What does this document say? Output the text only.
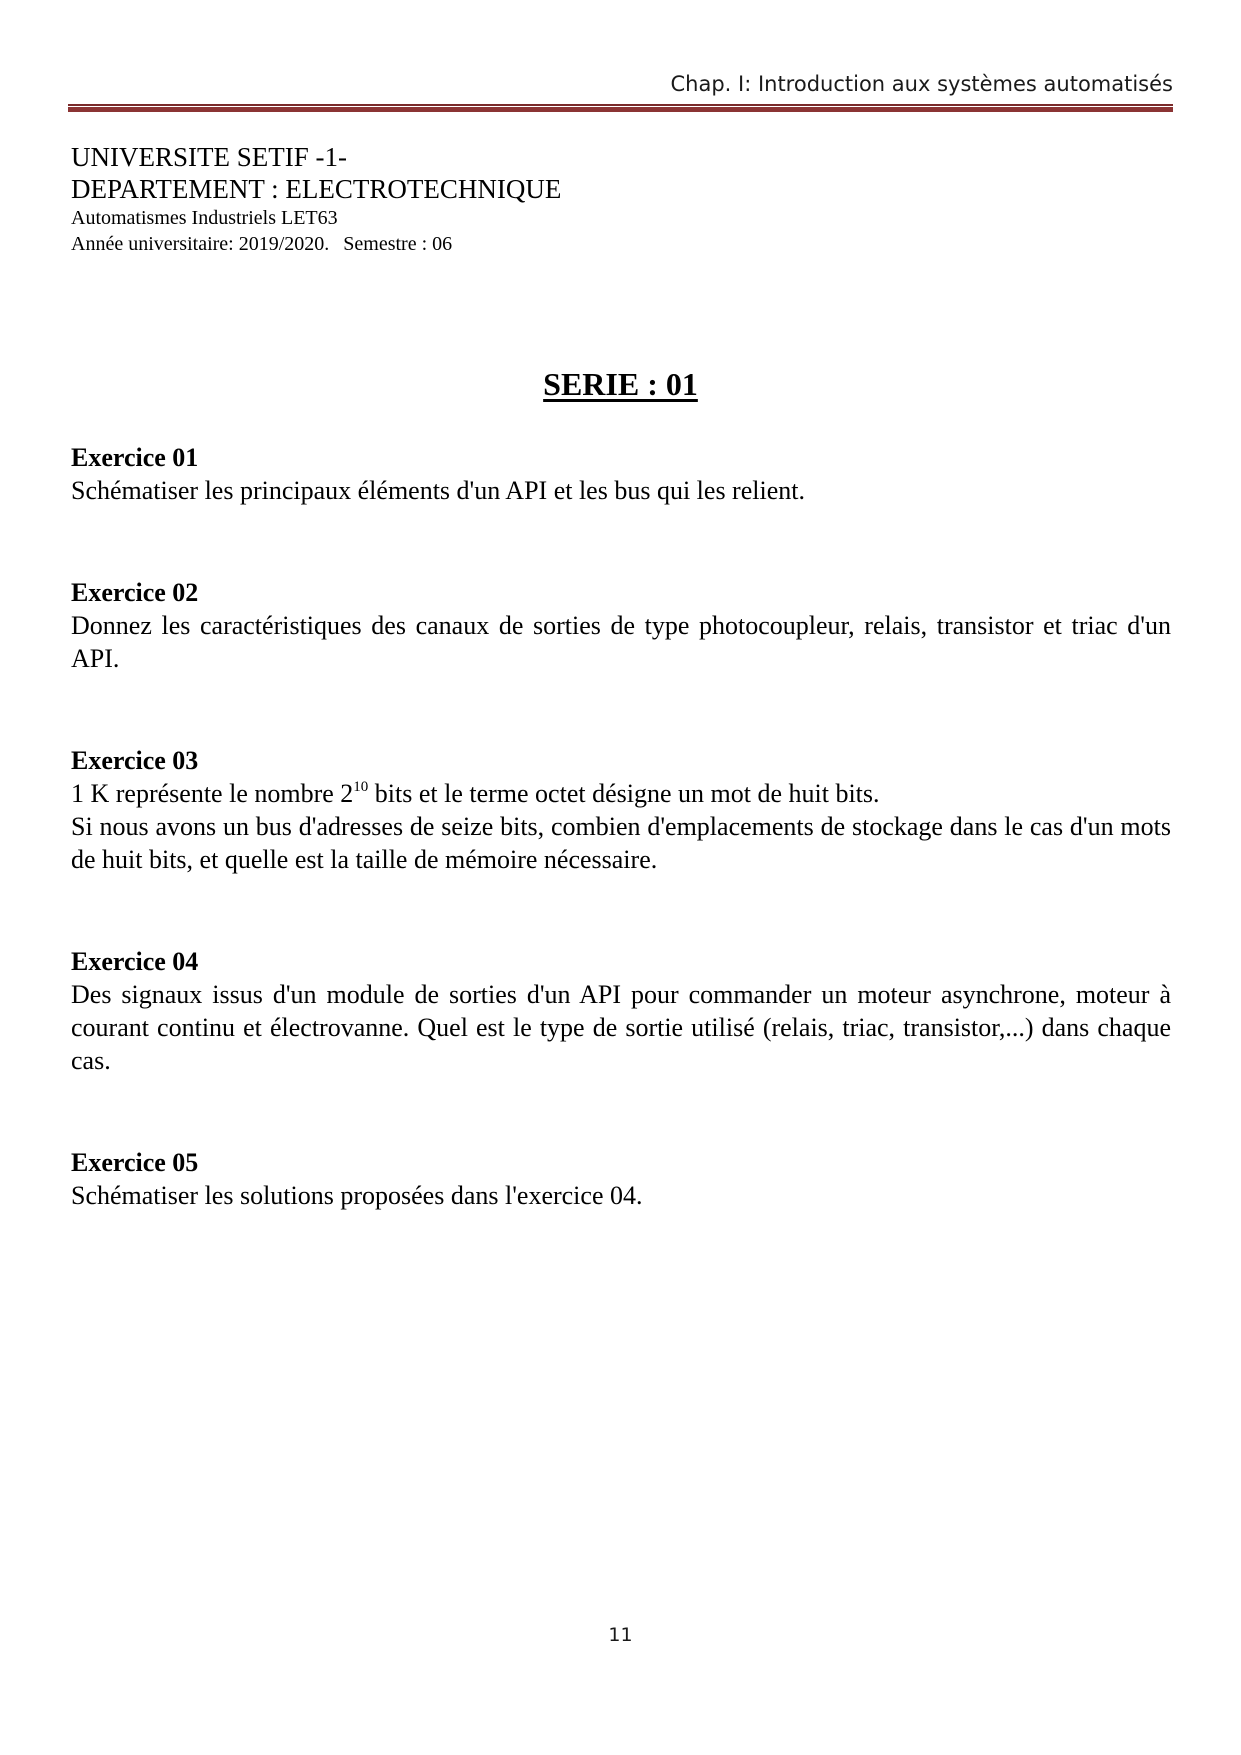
Chap. I: Introduction aux systèmes automatisés
UNIVERSITE SETIF -1-
DEPARTEMENT : ELECTROTECHNIQUE
Automatismes Industriels LET63
Année universitaire: 2019/2020. Semestre : 06
SERIE : 01
Exercice 01

Schématiser les principaux éléments d'un API et les bus qui les relient.

Exercice 02

Donnez les caractéristiques des canaux de sorties de type photocoupleur, relais, transistor et triac d'un API.

Exercice 03

1 K représente le nombre $2^{10}$ bits et le terme octet désigne un mot de huit bits.

Si nous avons un bus d'adresses de seize bits, combien d'emplacements de stockage dans le cas d'un mots de huit bits, et quelle est la taille de mémoire nécessaire.

Exercice 04

Des signaux issus d'un module de sorties d'un API pour commander un moteur asynchrone, moteur à courant continu et électrovanne. Quel est le type de sortie utilisé (relais, triac, transistor,...) dans chaque cas.

Exercice 05

Schématiser les solutions proposées dans l'exercice 04.

11
